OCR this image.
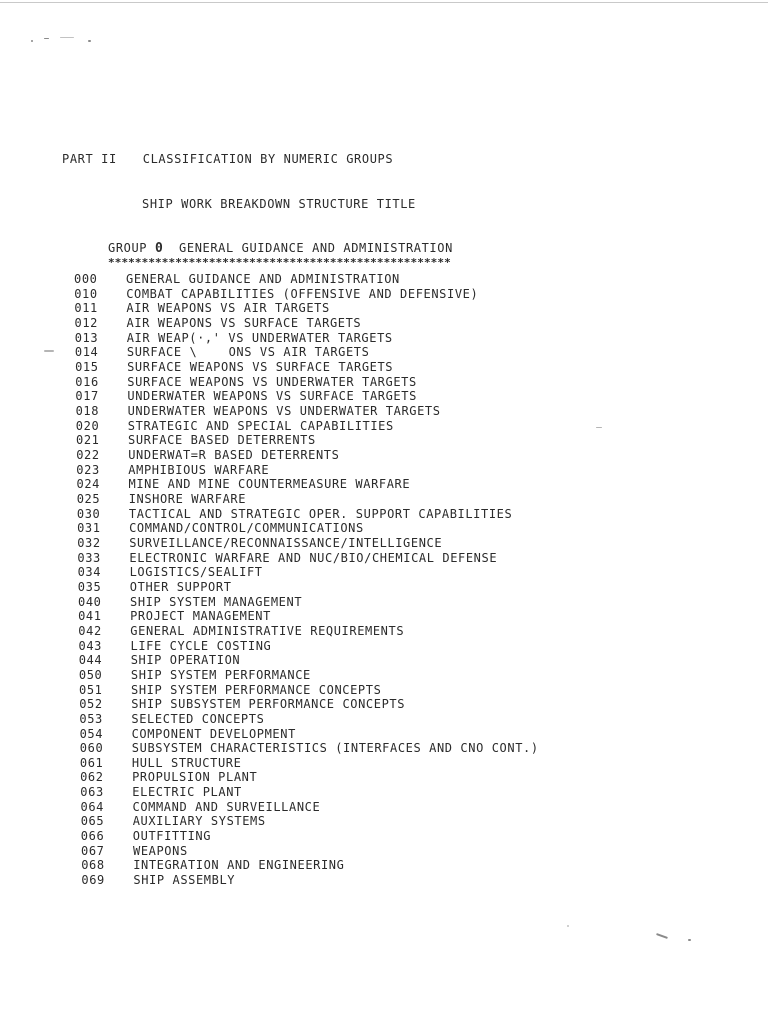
PART II CLASSIFICATION BY NUMERIC GROUPS
SHIP WORK BREAKDOWN STRUCTURE TITLE
GROUP 0 GENERAL GUIDANCE AND ADMINISTRATION
***************************************************
000	GENERAL GUIDANCE AND ADMINISTRATION
010	COMBAT CAPABILITIES (OFFENSIVE AND DEFENSIVE)
011	AIR WEAPONS VS AIR TARGETS
012	AIR WEAPONS VS SURFACE TARGETS
013	AIR WEAP(·,' VS UNDERWATER TARGETS
014	SURFACE \    ONS VS AIR TARGETS
015	SURFACE WEAPONS VS SURFACE TARGETS
016	SURFACE WEAPONS VS UNDERWATER TARGETS
017	UNDERWATER WEAPONS VS SURFACE TARGETS
018	UNDERWATER WEAPONS VS UNDERWATER TARGETS
020	STRATEGIC AND SPECIAL CAPABILITIES
021	SURFACE BASED DETERRENTS
022	UNDERWAT=R BASED DETERRENTS
023	AMPHIBIOUS WARFARE
024	MINE AND MINE COUNTERMEASURE WARFARE
025	INSHORE WARFARE
030	TACTICAL AND STRATEGIC OPER. SUPPORT CAPABILITIES
031	COMMAND/CONTROL/COMMUNICATIONS
032	SURVEILLANCE/RECONNAISSANCE/INTELLIGENCE
033	ELECTRONIC WARFARE AND NUC/BIO/CHEMICAL DEFENSE
034	LOGISTICS/SEALIFT
035	OTHER SUPPORT
040	SHIP SYSTEM MANAGEMENT
041	PROJECT MANAGEMENT
042	GENERAL ADMINISTRATIVE REQUIREMENTS
043	LIFE CYCLE COSTING
044	SHIP OPERATION
050	SHIP SYSTEM PERFORMANCE
051	SHIP SYSTEM PERFORMANCE CONCEPTS
052	SHIP SUBSYSTEM PERFORMANCE CONCEPTS
053	SELECTED CONCEPTS
054	COMPONENT DEVELOPMENT
060	SUBSYSTEM CHARACTERISTICS (INTERFACES AND CNO CONT.)
061	HULL STRUCTURE
062	PROPULSION PLANT
063	ELECTRIC PLANT
064	COMMAND AND SURVEILLANCE
065	AUXILIARY SYSTEMS
066	OUTFITTING
067	WEAPONS
068	INTEGRATION AND ENGINEERING
069	SHIP ASSEMBLY
